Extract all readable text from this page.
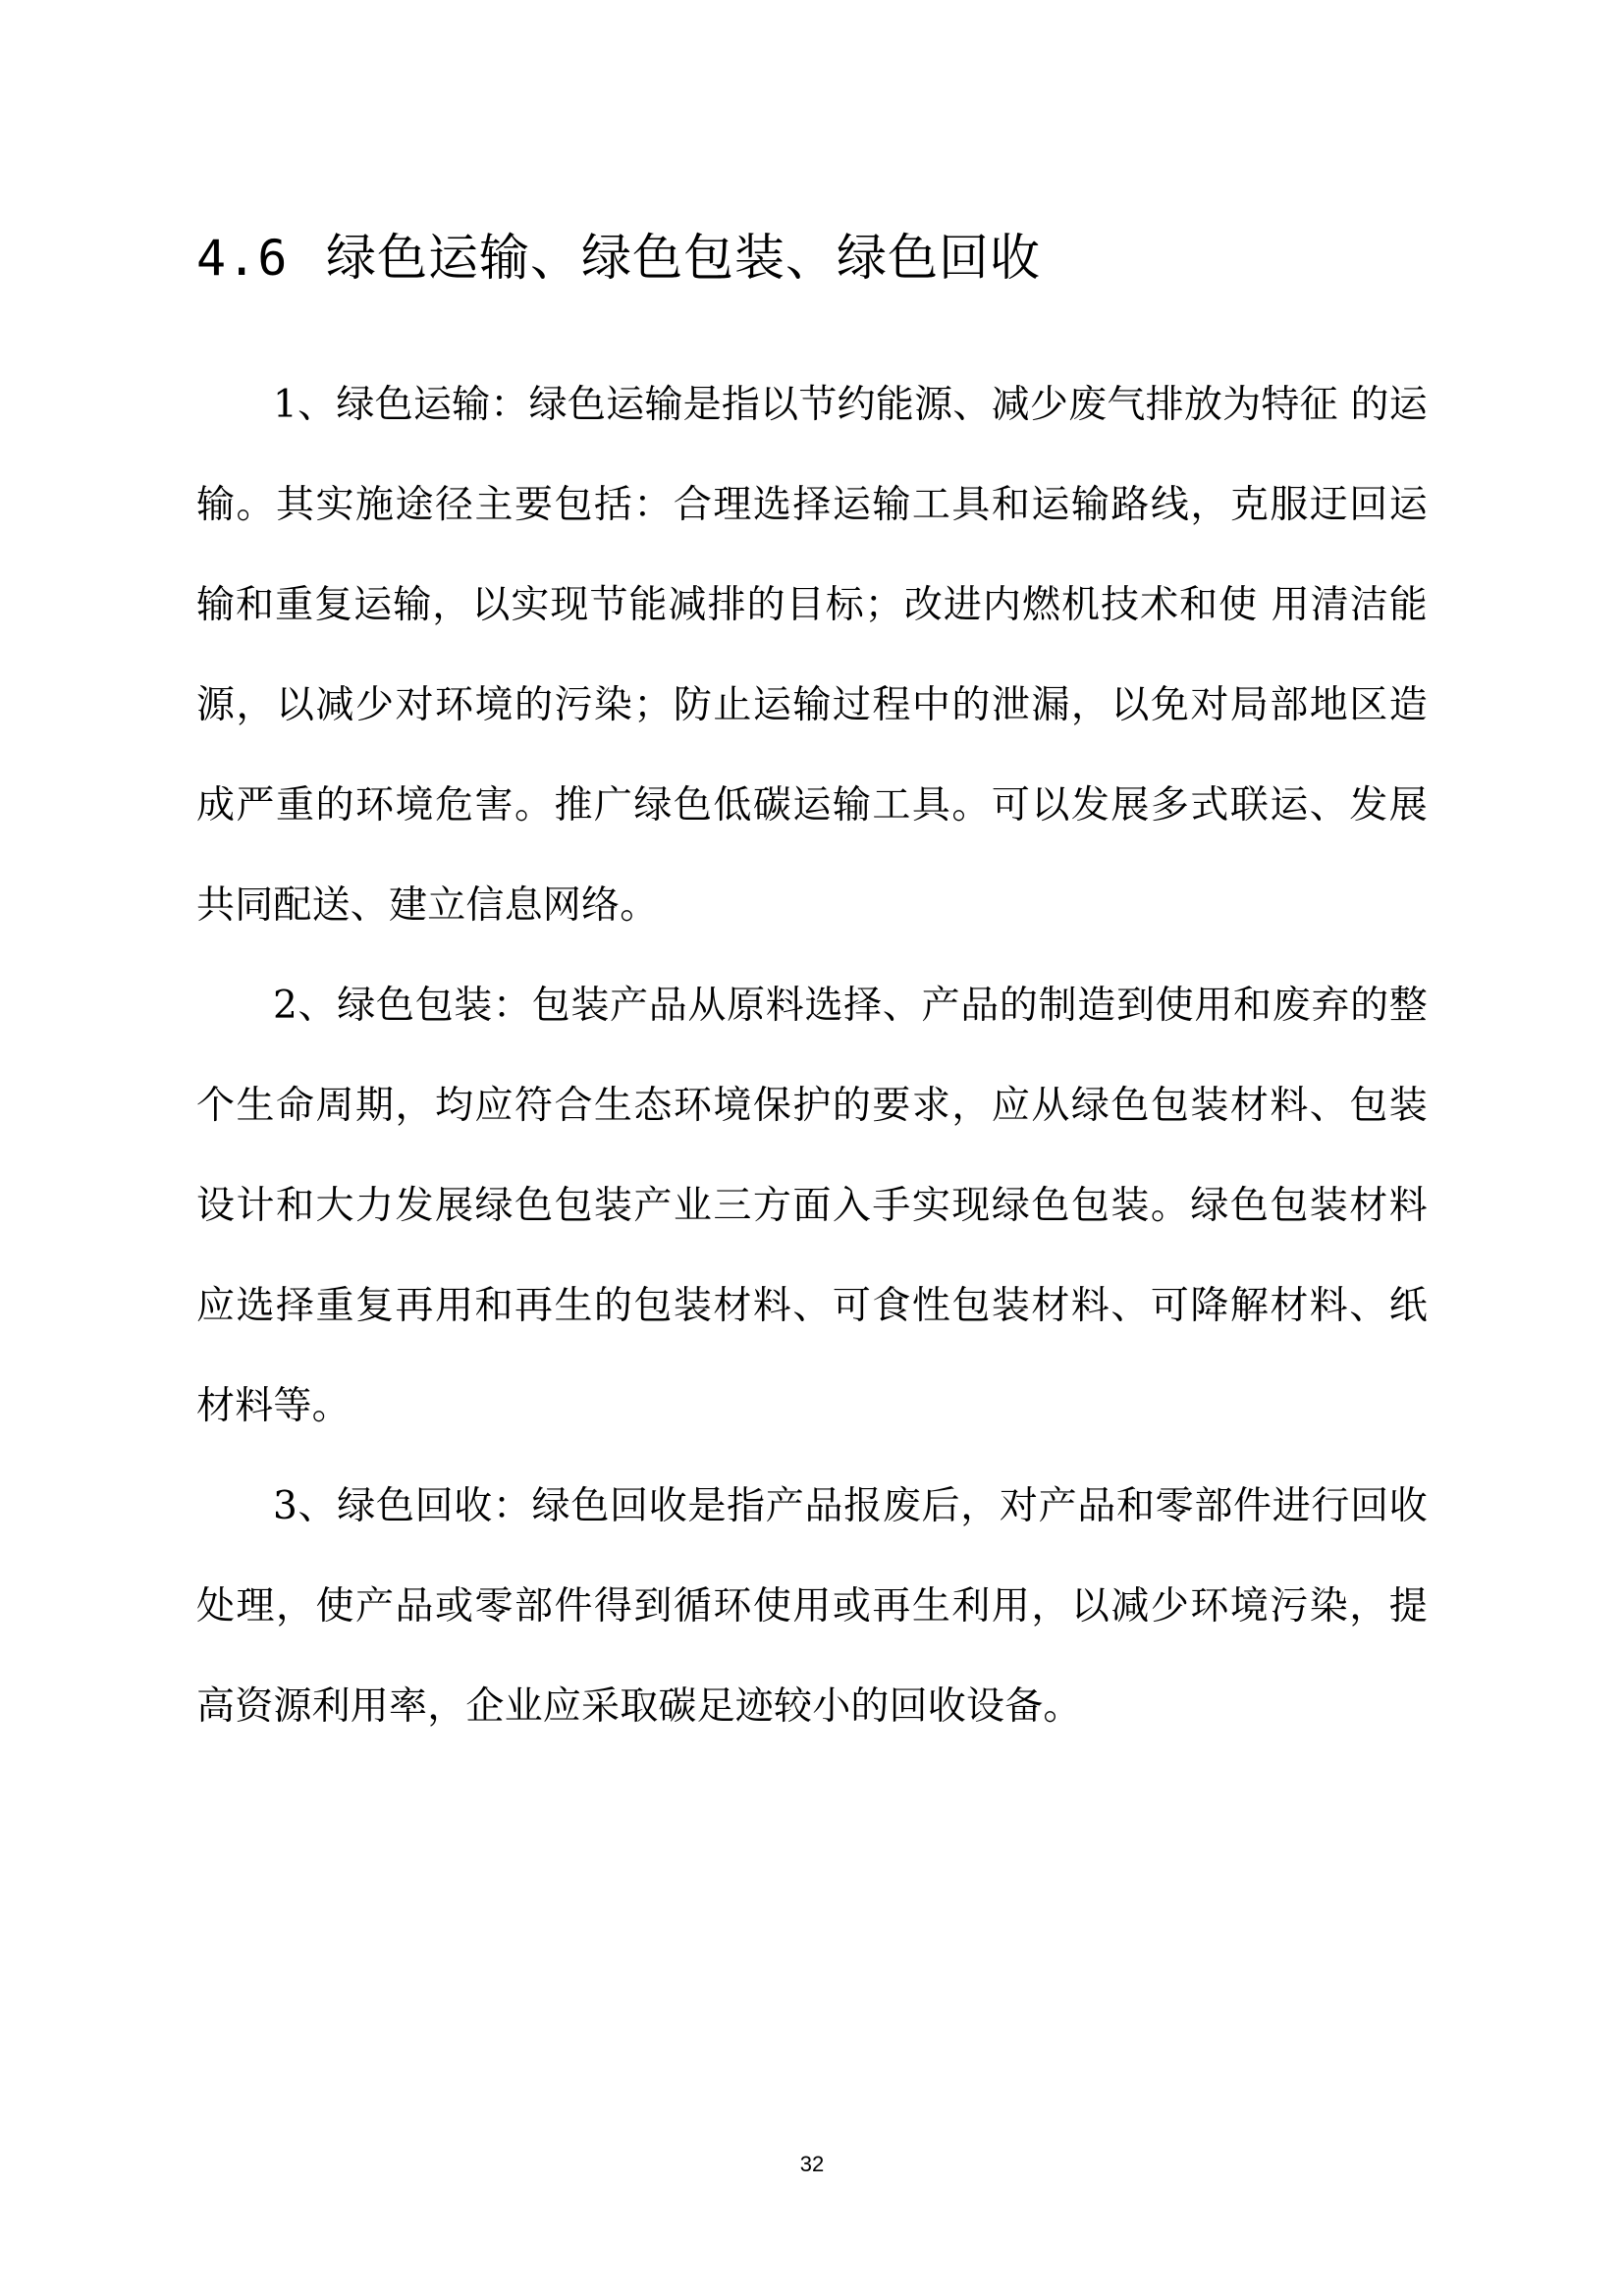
4.6 绿色运输、绿色包装、绿色回收

1、绿色运输：绿色运输是指以节约能源、减少废气排放为特征 的运输。其实施途径主要包括：合理选择运输工具和运输路线，克服迂回运输和重复运输，以实现节能减排的目标；改进内燃机技术和使 用清洁能源，以减少对环境的污染；防止运输过程中的泄漏，以免对局部地区造成严重的环境危害。推广绿色低碳运输工具。可以发展多式联运、发展共同配送、建立信息网络。

2、绿色包装：包装产品从原料选择、产品的制造到使用和废弃的整个生命周期，均应符合生态环境保护的要求，应从绿色包装材料、包装设计和大力发展绿色包装产业三方面入手实现绿色包装。绿色包装材料应选择重复再用和再生的包装材料、可食性包装材料、可降解材料、纸材料等。

3、绿色回收：绿色回收是指产品报废后，对产品和零部件进行回收处理，使产品或零部件得到循环使用或再生利用，以减少环境污染，提高资源利用率，企业应采取碳足迹较小的回收设备。

32
